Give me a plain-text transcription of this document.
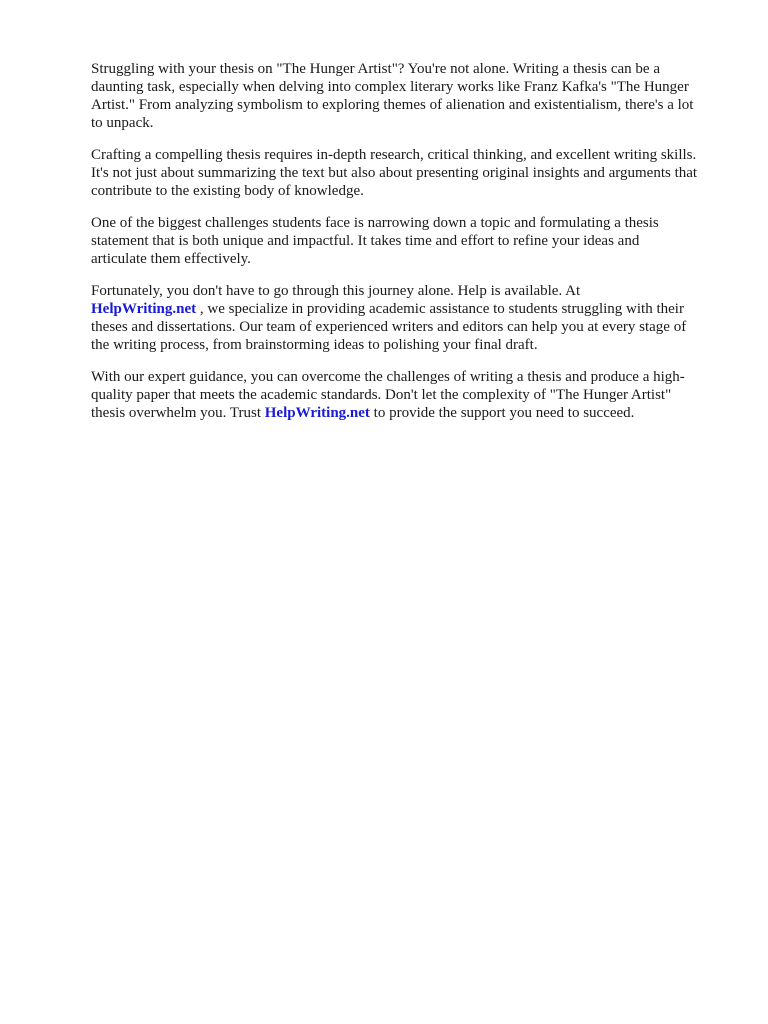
Struggling with your thesis on "The Hunger Artist"? You're not alone. Writing a thesis can be a
daunting task, especially when delving into complex literary works like Franz Kafka's "The Hunger
Artist." From analyzing symbolism to exploring themes of alienation and existentialism, there's a lot
to unpack.

Crafting a compelling thesis requires in-depth research, critical thinking, and excellent writing skills.
It's not just about summarizing the text but also about presenting original insights and arguments that
contribute to the existing body of knowledge.

One of the biggest challenges students face is narrowing down a topic and formulating a thesis
statement that is both unique and impactful. It takes time and effort to refine your ideas and
articulate them effectively.

Fortunately, you don't have to go through this journey alone. Help is available. At
HelpWriting.net , we specialize in providing academic assistance to students struggling with their
theses and dissertations. Our team of experienced writers and editors can help you at every stage of
the writing process, from brainstorming ideas to polishing your final draft.

With our expert guidance, you can overcome the challenges of writing a thesis and produce a high-
quality paper that meets the academic standards. Don't let the complexity of "The Hunger Artist"
thesis overwhelm you. Trust HelpWriting.net to provide the support you need to succeed.
